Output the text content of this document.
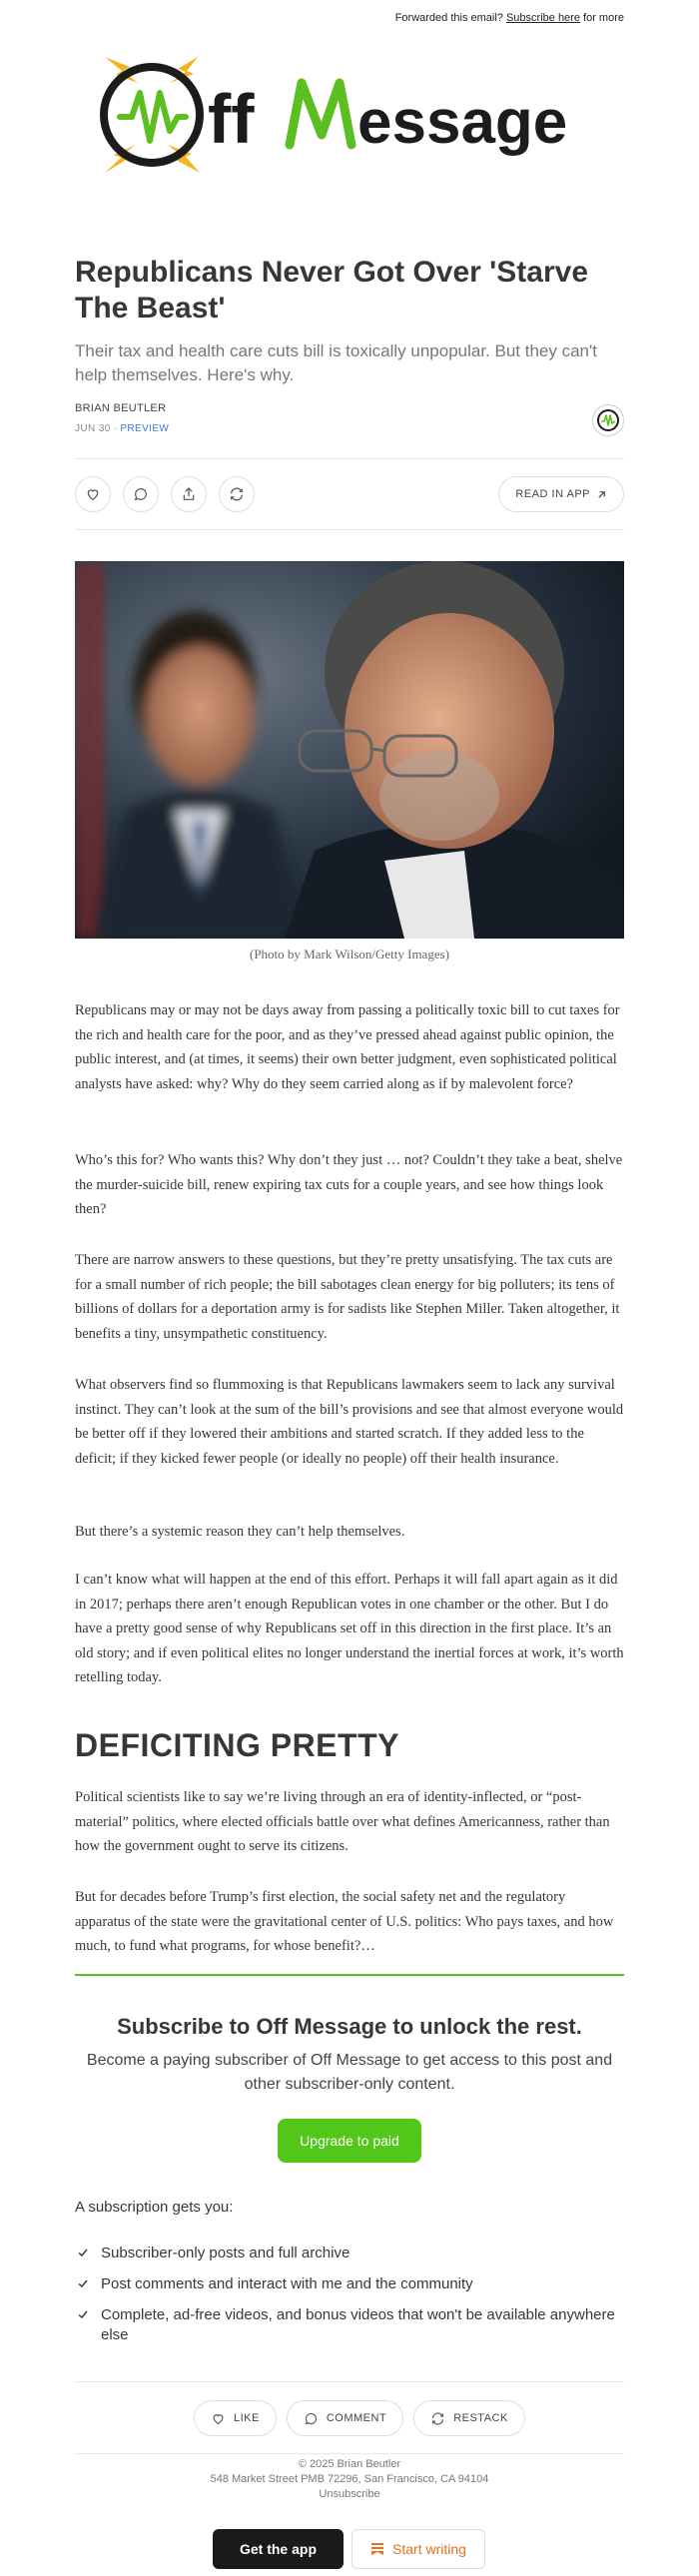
Forwarded this email? Subscribe here for more
ff essage
Republicans Never Got Over 'Starve The Beast'
Their tax and health care cuts bill is toxically unpopular. But they can't help themselves. Here's why.
BRIAN BEUTLER
JUN 30 ∙ PREVIEW
READ IN APP
(Photo by Mark Wilson/Getty Images)

Republicans may or may not be days away from passing a politically toxic bill to cut taxes for the rich and health care for the poor, and as they’ve pressed ahead against public opinion, the public interest, and (at times, it seems) their own better judgment, even sophisticated political analysts have asked: why? Why do they seem carried along as if by malevolent force?

Who’s this for? Who wants this? Why don’t they just … not? Couldn’t they take a beat, shelve the murder-suicide bill, renew expiring tax cuts for a couple years, and see how things look then?

There are narrow answers to these questions, but they’re pretty unsatisfying. The tax cuts are for a small number of rich people; the bill sabotages clean energy for big polluters; its tens of billions of dollars for a deportation army is for sadists like Stephen Miller. Taken altogether, it benefits a tiny, unsympathetic constituency.

What observers find so flummoxing is that Republicans lawmakers seem to lack any survival instinct. They can’t look at the sum of the bill’s provisions and see that almost everyone would be better off if they lowered their ambitions and started scratch. If they added less to the deficit; if they kicked fewer people (or ideally no people) off their health insurance.

But there’s a systemic reason they can’t help themselves.

I can’t know what will happen at the end of this effort. Perhaps it will fall apart again as it did in 2017; perhaps there aren’t enough Republican votes in one chamber or the other. But I do have a pretty good sense of why Republicans set off in this direction in the first place. It’s an old story; and if even political elites no longer understand the inertial forces at work, it’s worth retelling today.

DEFICITING PRETTY

Political scientists like to say we’re living through an era of identity-inflected, or “post-material” politics, where elected officials battle over what defines Americanness, rather than how the government ought to serve its citizens.

But for decades before Trump’s first election, the social safety net and the regulatory apparatus of the state were the gravitational center of U.S. politics: Who pays taxes, and how much, to fund what programs, for whose benefit?…

Subscribe to Off Message to unlock the rest.
Become a paying subscriber of Off Message to get access to this post and other subscriber-only content.
Upgrade to paid
A subscription gets you:
Subscriber-only posts and full archive
Post comments and interact with me and the community
Complete, ad-free videos, and bonus videos that won't be available anywhere else
LIKE	COMMENT	RESTACK
© 2025 Brian Beutler
548 Market Street PMB 72296, San Francisco, CA 94104
Unsubscribe
Get the app	Start writing
